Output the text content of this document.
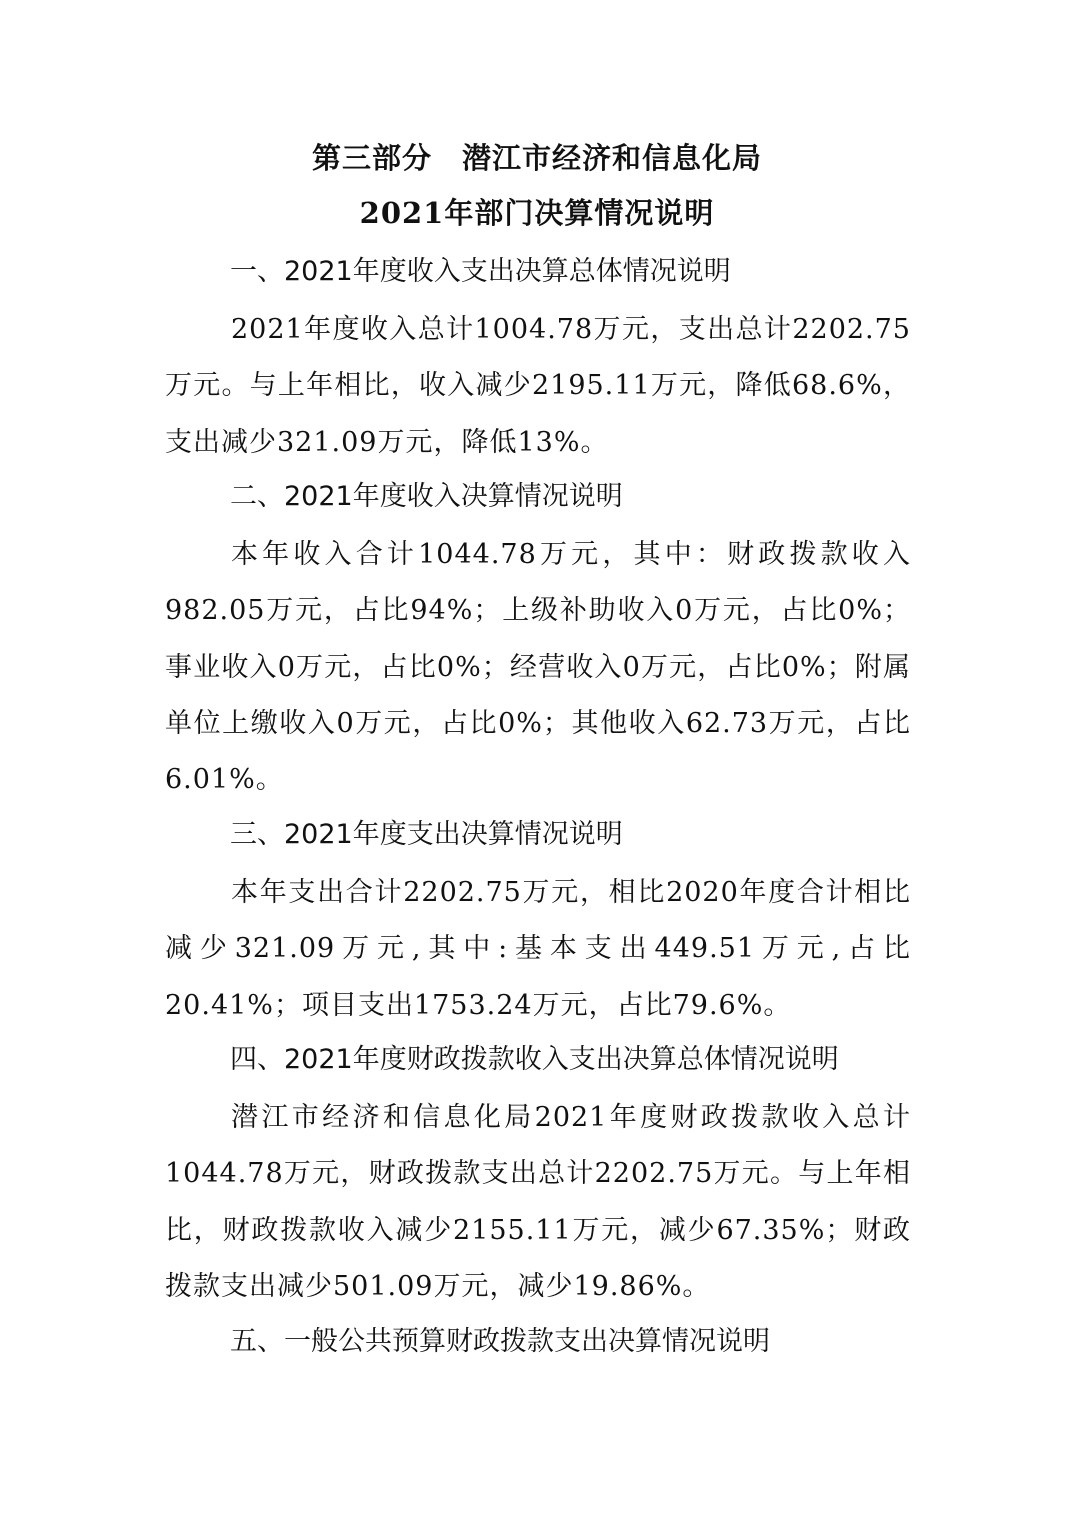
第三部分　潜江市经济和信息化局
2021年部门决算情况说明
一、2021年度收入支出决算总体情况说明

2021年度收入总计1004.78万元，支出总计2202.75万元。与上年相比，收入减少2195.11万元，降低68.6%，支出减少321.09万元，降低13%。

二、2021年度收入决算情况说明

本年收入合计1044.78万元，其中：财政拨款收入982.05万元，占比94%；上级补助收入0万元，占比0%；事业收入0万元，占比0%；经营收入0万元，占比0%；附属单位上缴收入0万元，占比0%；其他收入62.73万元，占比6.01%。

三、2021年度支出决算情况说明

本年支出合计2202.75万元，相比2020年度合计相比减少321.09万元,其中:基本支出449.51万元,占比20.41%；项目支出1753.24万元，占比79.6%。

四、2021年度财政拨款收入支出决算总体情况说明

潜江市经济和信息化局2021年度财政拨款收入总计1044.78万元，财政拨款支出总计2202.75万元。与上年相比，财政拨款收入减少2155.11万元，减少67.35%；财政拨款支出减少501.09万元，减少19.86%。

五、一般公共预算财政拨款支出决算情况说明
